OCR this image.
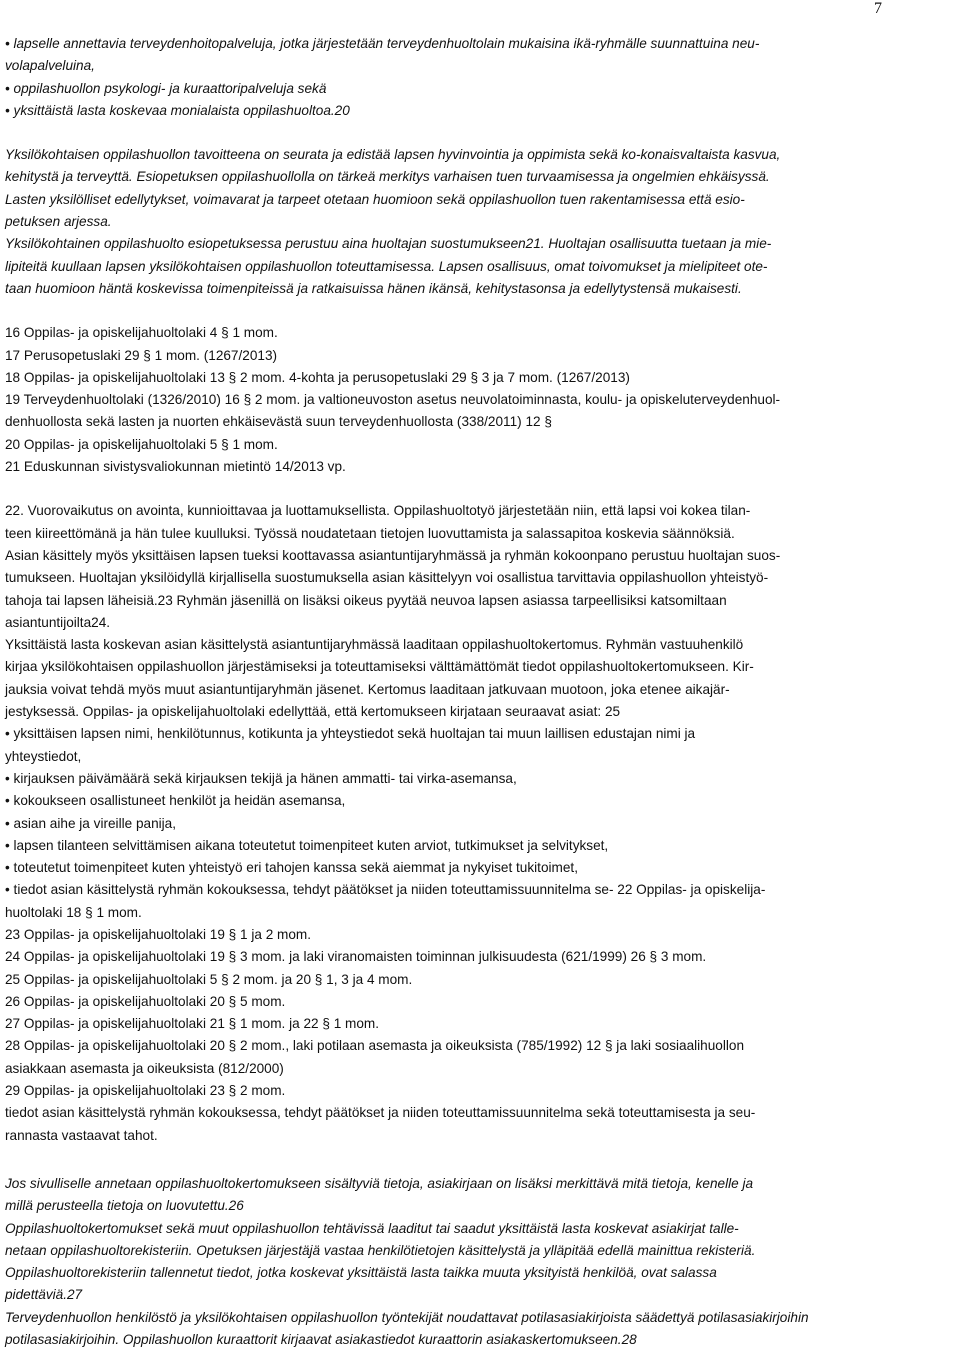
7
• lapselle annettavia terveydenhoitopalveluja, jotka järjestetään terveydenhuoltolain mukaisina ikä-ryhmälle suunnattuina neu-
volapalveluina,
• oppilashuollon psykologi- ja kuraattoripalveluja sekä
• yksittäistä lasta koskevaa monialaista oppilashuoltoa.20
Yksilökohtaisen oppilashuollon tavoitteena on seurata ja edistää lapsen hyvinvointia ja oppimista sekä ko-konaisvaltaista kasvua,
kehitystä ja terveyttä. Esiopetuksen oppilashuollolla on tärkeä merkitys varhaisen tuen turvaamisessa ja ongelmien ehkäisyssä.
Lasten yksilölliset edellytykset, voimavarat ja tarpeet otetaan huomioon sekä oppilashuollon tuen rakentamisessa että esio-
petuksen arjessa.
Yksilökohtainen oppilashuolto esiopetuksessa perustuu aina huoltajan suostumukseen21. Huoltajan osallisuutta tuetaan ja mie-
lipiteitä kuullaan lapsen yksilökohtaisen oppilashuollon toteuttamisessa. Lapsen osallisuus, omat toivomukset ja mielipiteet ote-
taan huomioon häntä koskevissa toimenpiteissä ja ratkaisuissa hänen ikänsä, kehitystasonsa ja edellytystensä mukaisesti.
16 Oppilas- ja opiskelijahuoltolaki 4 § 1 mom.
17 Perusopetuslaki 29 § 1 mom. (1267/2013)
18 Oppilas- ja opiskelijahuoltolaki 13 § 2 mom. 4-kohta ja perusopetuslaki 29 § 3 ja 7 mom. (1267/2013)
19 Terveydenhuoltolaki (1326/2010) 16 § 2 mom. ja valtioneuvoston asetus neuvolatoiminnasta, koulu- ja opiskeluterveydenhuol-
denhuollosta sekä lasten ja nuorten ehkäisevästä suun terveydenhuollosta (338/2011) 12 §
20 Oppilas- ja opiskelijahuoltolaki 5 § 1 mom.
21 Eduskunnan sivistysvaliokunnan mietintö 14/2013 vp.
22. Vuorovaikutus on avointa, kunnioittavaa ja luottamuksellista. Oppilashuoltotyö järjestetään niin, että lapsi voi kokea tilan-
teen kiireettömänä ja hän tulee kuulluksi. Työssä noudatetaan tietojen luovuttamista ja salassapitoa koskevia säännöksiä.
Asian käsittely myös yksittäisen lapsen tueksi koottavassa asiantuntijaryhmässä ja ryhmän kokoonpano perustuu huoltajan suos-
tumukseen. Huoltajan yksilöidyllä kirjallisella suostumuksella asian käsittelyyn voi osallistua tarvittavia oppilashuollon yhteistyö-
tahoja tai lapsen läheisiä.23 Ryhmän jäsenillä on lisäksi oikeus pyytää neuvoa lapsen asiassa tarpeellisiksi katsomiltaan
asiantuntijoilta24.
Yksittäistä lasta koskevan asian käsittelystä asiantuntijaryhmässä laaditaan oppilashuoltokertomus. Ryhmän vastuuhenkilö
kirjaa yksilökohtaisen oppilashuollon järjestämiseksi ja toteuttamiseksi välttämättömät tiedot oppilashuoltokertomukseen. Kir-
jauksia voivat tehdä myös muut asiantuntijaryhmän jäsenet. Kertomus laaditaan jatkuvaan muotoon, joka etenee aikajär-
jestyksessä. Oppilas- ja opiskelijahuoltolaki edellyttää, että kertomukseen kirjataan seuraavat asiat: 25
• yksittäisen lapsen nimi, henkilötunnus, kotikunta ja yhteystiedot sekä huoltajan tai muun laillisen edustajan nimi ja
yhteystiedot,
• kirjauksen päivämäärä sekä kirjauksen tekijä ja hänen ammatti- tai virka-asemansa,
• kokoukseen osallistuneet henkilöt ja heidän asemansa,
• asian aihe ja vireille panija,
• lapsen tilanteen selvittämisen aikana toteutetut toimenpiteet kuten arviot, tutkimukset ja selvitykset,
• toteutetut toimenpiteet kuten yhteistyö eri tahojen kanssa sekä aiemmat ja nykyiset tukitoimet,
• tiedot asian käsittelystä ryhmän kokouksessa, tehdyt päätökset ja niiden toteuttamissuunnitelma se- 22 Oppilas- ja opiskelija-
huoltolaki 18 § 1 mom.
23 Oppilas- ja opiskelijahuoltolaki 19 § 1 ja 2 mom.
24 Oppilas- ja opiskelijahuoltolaki 19 § 3 mom. ja laki viranomaisten toiminnan julkisuudesta (621/1999) 26 § 3 mom.
25 Oppilas- ja opiskelijahuoltolaki 5 § 2 mom. ja 20 § 1, 3 ja 4 mom.
26 Oppilas- ja opiskelijahuoltolaki 20 § 5 mom.
27 Oppilas- ja opiskelijahuoltolaki 21 § 1 mom. ja 22 § 1 mom.
28 Oppilas- ja opiskelijahuoltolaki 20 § 2 mom., laki potilaan asemasta ja oikeuksista (785/1992) 12 § ja laki sosiaalihuollon
asiakkaan asemasta ja oikeuksista (812/2000)
29 Oppilas- ja opiskelijahuoltolaki 23 § 2 mom.
tiedot asian käsittelystä ryhmän kokouksessa, tehdyt päätökset ja niiden toteuttamissuunnitelma sekä toteuttamisesta ja seu-
rannasta vastaavat tahot.
Jos sivulliselle annetaan oppilashuoltokertomukseen sisältyviä tietoja, asiakirjaan on lisäksi merkittävä mitä tietoja, kenelle ja
millä perusteella tietoja on luovutettu.26
Oppilashuoltokertomukset sekä muut oppilashuollon tehtävissä laaditut tai saadut yksittäistä lasta koskevat asiakirjat talle-
netaan oppilashuoltorekisteriin. Opetuksen järjestäjä vastaa henkilötietojen käsittelystä ja ylläpitää edellä mainittua rekisteriä.
Oppilashuoltorekisteriin tallennetut tiedot, jotka koskevat yksittäistä lasta taikka muuta yksityistä henkilöä, ovat salassa
pidettäviä.27
Terveydenhuollon henkilöstö ja yksilökohtaisen oppilashuollon työntekijät noudattavat potilasasiakirjoista säädettyä potilasasiakirjoihin
potilasasiakirjoihin. Oppilashuollon kuraattorit kirjaavat asiakastiedot kuraattorin asiakaskertomukseen.28
